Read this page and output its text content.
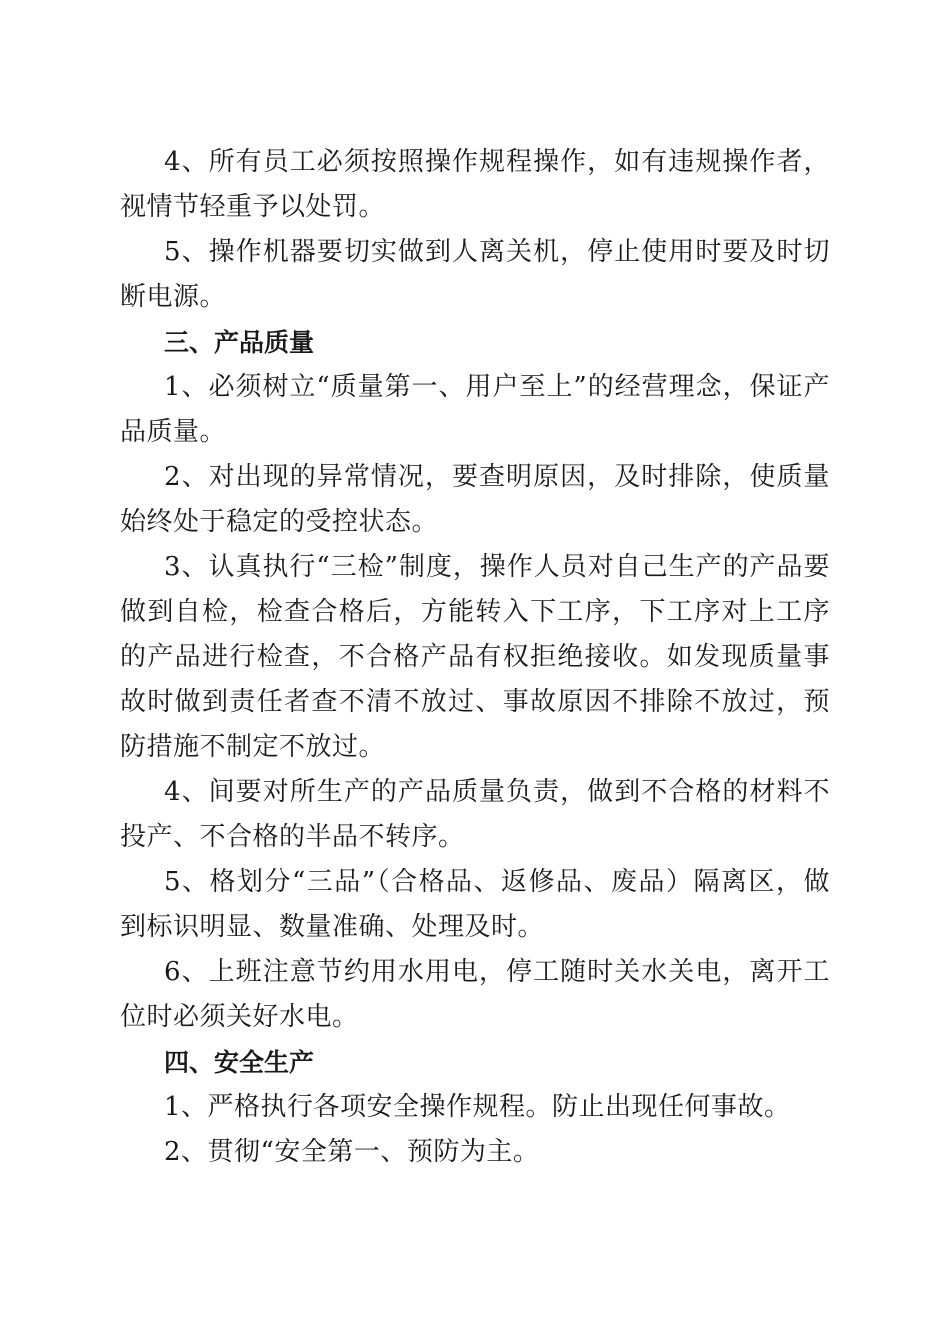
4、所有员工必须按照操作规程操作，如有违规操作者，视情节轻重予以处罚。

5、操作机器要切实做到人离关机，停止使用时要及时切断电源。

三、产品质量

1、必须树立“质量第一、用户至上”的经营理念，保证产品质量。

2、对出现的异常情况，要查明原因，及时排除，使质量始终处于稳定的受控状态。

3、认真执行“三检”制度，操作人员对自己生产的产品要做到自检，检查合格后，方能转入下工序，下工序对上工序的产品进行检查，不合格产品有权拒绝接收。如发现质量事故时做到责任者查不清不放过、事故原因不排除不放过，预防措施不制定不放过。

4、间要对所生产的产品质量负责，做到不合格的材料不投产、不合格的半品不转序。

5、格划分“三品”（合格品、返修品、废品）隔离区，做到标识明显、数量准确、处理及时。

6、上班注意节约用水用电，停工随时关水关电，离开工位时必须关好水电。

四、安全生产

1、严格执行各项安全操作规程。防止出现任何事故。

2、贯彻“安全第一、预防为主。
